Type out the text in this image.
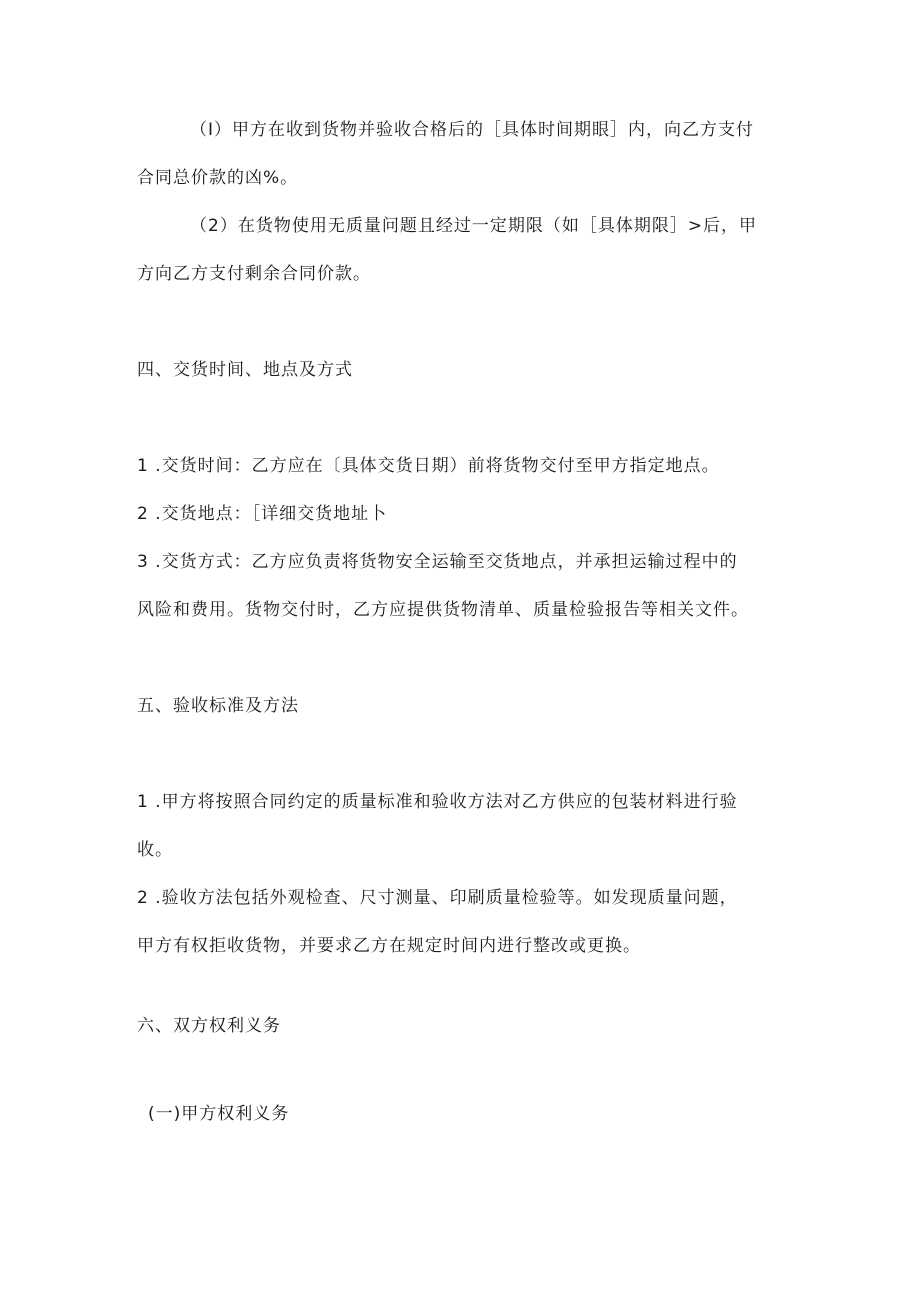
（I）甲方在收到货物并验收合格后的［具体时间期眼］内，向乙方支付
合同总价款的凶%。
（2）在货物使用无质量问题且经过一定期限（如［具体期限］>后，甲
方向乙方支付剩余合同价款。
四、交货时间、地点及方式
1 .交货时间：乙方应在〔具体交货日期）前将货物交付至甲方指定地点。
2 .交货地点：［详细交货地址卜
3 .交货方式：乙方应负责将货物安全运输至交货地点，并承担运输过程中的
风险和费用。货物交付时，乙方应提供货物清单、质量检验报告等相关文件。
五、验收标准及方法
1 .甲方将按照合同约定的质量标准和验收方法对乙方供应的包装材料进行验
收。
2 .验收方法包括外观检查、尺寸测量、印刷质量检验等。如发现质量问题，
甲方有权拒收货物，并要求乙方在规定时间内进行整改或更换。
六、双方权利义务
(一)甲方权利义务
